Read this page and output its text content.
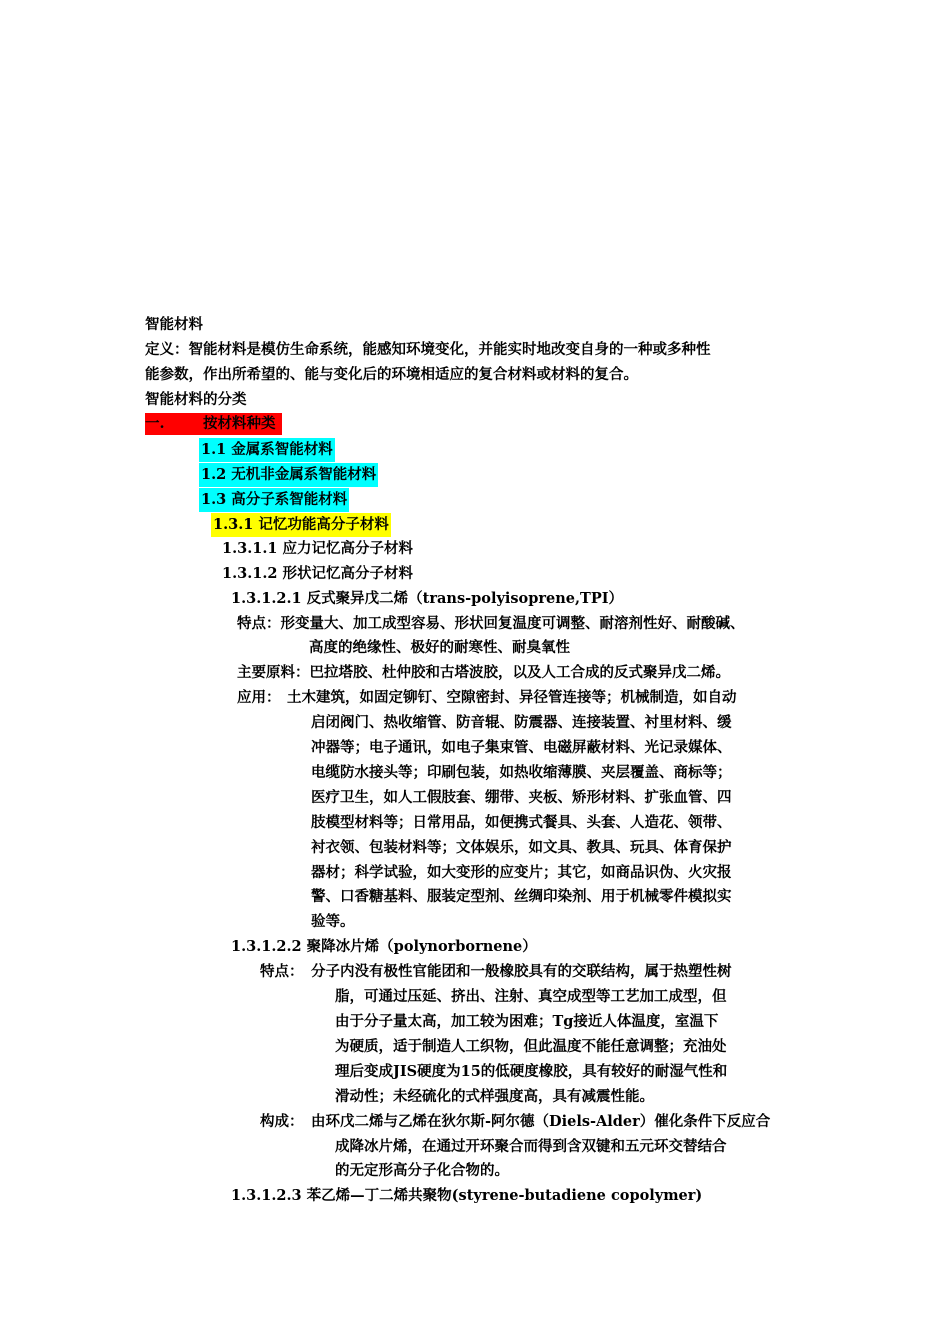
智能材料
定义：智能材料是模仿生命系统，能感知环境变化，并能实时地改变自身的一种或多种性
能参数，作出所希望的、能与变化后的环境相适应的复合材料或材料的复合。
智能材料的分类
一.	按材料种类
1.1 金属系智能材料
1.2 无机非金属系智能材料
1.3 高分子系智能材料
1.3.1 记忆功能高分子材料
1.3.1.1 应力记忆高分子材料
1.3.1.2 形状记忆高分子材料
1.3.1.2.1 反式聚异戊二烯（trans-polyisoprene,TPI）
特点：形变量大、加工成型容易、形状回复温度可调整、耐溶剂性好、耐酸碱、
高度的绝缘性、极好的耐寒性、耐臭氧性
主要原料：巴拉塔胶、杜仲胶和古塔波胶，以及人工合成的反式聚异戊二烯。
应用： 土木建筑，如固定铆钉、空隙密封、异径管连接等；机械制造，如自动
启闭阀门、热收缩管、防音辊、防震器、连接装置、衬里材料、缓
冲器等；电子通讯，如电子集束管、电磁屏蔽材料、光记录媒体、
电缆防水接头等；印刷包装，如热收缩薄膜、夹层覆盖、商标等；
医疗卫生，如人工假肢套、绷带、夹板、矫形材料、扩张血管、四
肢模型材料等；日常用品，如便携式餐具、头套、人造花、领带、
衬衣领、包装材料等；文体娱乐，如文具、教具、玩具、体育保护
器材；科学试验，如大变形的应变片；其它，如商品识伪、火灾报
警、口香糖基料、服装定型剂、丝绸印染剂、用于机械零件模拟实
验等。
1.3.1.2.2 聚降冰片烯（polynorbornene）
特点： 分子内没有极性官能团和一般橡胶具有的交联结构，属于热塑性树
脂，可通过压延、挤出、注射、真空成型等工艺加工成型，但
由于分子量太高，加工较为困难；Tg接近人体温度，室温下
为硬质，适于制造人工织物，但此温度不能任意调整；充油处
理后变成JIS硬度为15的低硬度橡胶，具有较好的耐湿气性和
滑动性；未经硫化的式样强度高，具有减震性能。
构成： 由环戊二烯与乙烯在狄尔斯-阿尔德（Diels-Alder）催化条件下反应合
成降冰片烯，在通过开环聚合而得到含双键和五元环交替结合
的无定形高分子化合物的。
1.3.1.2.3 苯乙烯—丁二烯共聚物(styrene-butadiene copolymer)
